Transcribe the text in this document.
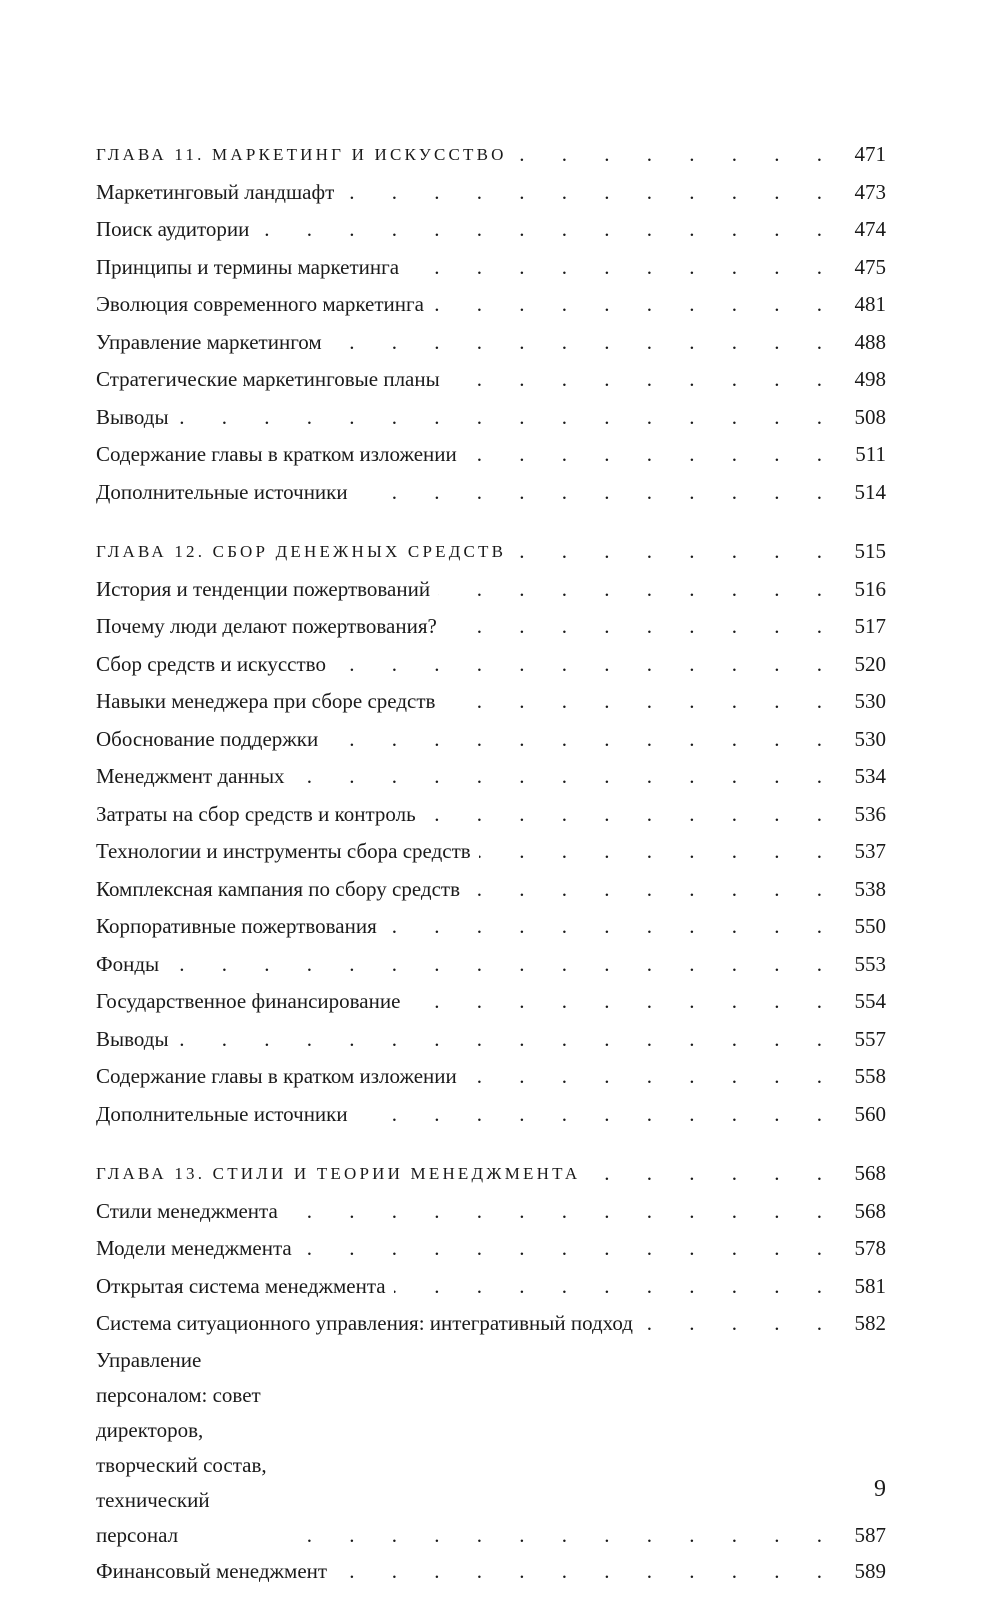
ГЛАВА 11. МАРКЕТИНГ И ИСКУССТВО . . .	471
Маркетинговый ландшафт . . .	473
Поиск аудитории . . .	474
Принципы и термины маркетинга . . .	475
Эволюция современного маркетинга . . .	481
Управление маркетингом . . .	488
Стратегические маркетинговые планы . . .	498
Выводы . . .	508
Содержание главы в кратком изложении . . .	511
Дополнительные источники . . .	514
ГЛАВА 12. СБОР ДЕНЕЖНЫХ СРЕДСТВ . . .	515
История и тенденции пожертвований . . .	516
Почему люди делают пожертвования? . . .	517
Сбор средств и искусство . . .	520
Навыки менеджера при сборе средств . . .	530
Обоснование поддержки . . .	530
Менеджмент данных . . .	534
Затраты на сбор средств и контроль . . .	536
Технологии и инструменты сбора средств . . .	537
Комплексная кампания по сбору средств . . .	538
Корпоративные пожертвования . . .	550
Фонды . . .	553
Государственное финансирование . . .	554
Выводы . . .	557
Содержание главы в кратком изложении . . .	558
Дополнительные источники . . .	560
ГЛАВА 13. СТИЛИ И ТЕОРИИ МЕНЕДЖМЕНТА . . .	568
Стили менеджмента . . .	568
Модели менеджмента . . .	578
Открытая система менеджмента . . .	581
Система ситуационного управления: интегративный подход . . .	582
Управление персоналом: совет директоров, творческий состав, технический персонал . . .	587
Финансовый менеджмент . . .	589
9
